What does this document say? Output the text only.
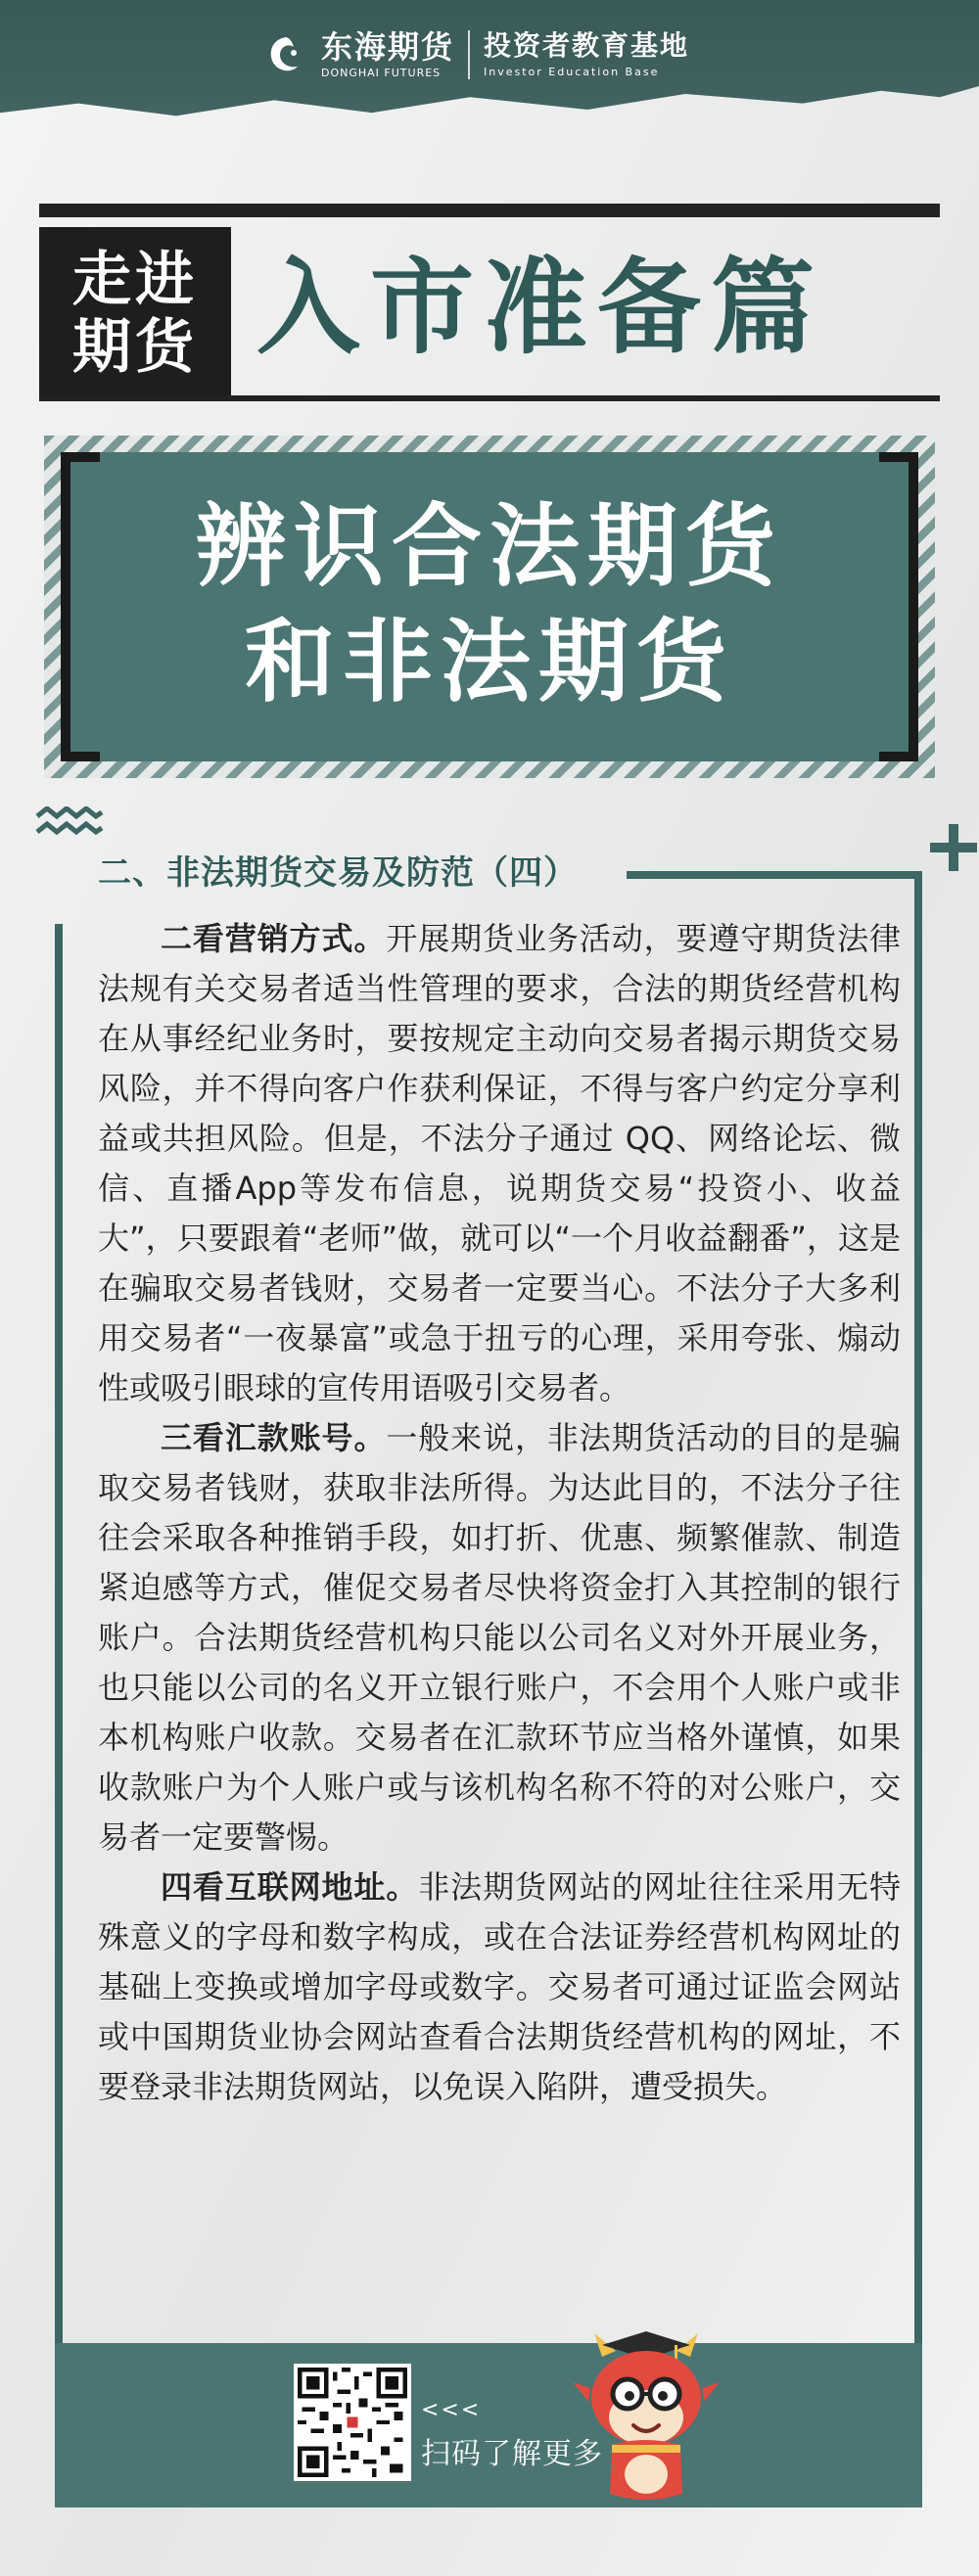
东海期货
DONGHAI FUTURES
投资者教育基地
Investor Education Base
走进
期货 入市准备篇
辨识合法期货
和非法期货
二、非法期货交易及防范（四）

二看营销方式。开展期货业务活动，要遵守期货法律法规有关交易者适当性管理的要求，合法的期货经营机构在从事经纪业务时，要按规定主动向交易者揭示期货交易风险，并不得向客户作获利保证，不得与客户约定分享利益或共担风险。但是，不法分子通过 QQ、网络论坛、微信、直播App等发布信息，说期货交易“投资小、收益大”，只要跟着“老师”做，就可以“一个月收益翻番”，这是在骗取交易者钱财，交易者一定要当心。不法分子大多利用交易者“一夜暴富”或急于扭亏的心理，采用夸张、煽动性或吸引眼球的宣传用语吸引交易者。

三看汇款账号。一般来说，非法期货活动的目的是骗取交易者钱财，获取非法所得。为达此目的，不法分子往往会采取各种推销手段，如打折、优惠、频繁催款、制造紧迫感等方式，催促交易者尽快将资金打入其控制的银行账户。合法期货经营机构只能以公司名义对外开展业务，也只能以公司的名义开立银行账户，不会用个人账户或非本机构账户收款。交易者在汇款环节应当格外谨慎，如果收款账户为个人账户或与该机构名称不符的对公账户，交易者一定要警惕。

四看互联网地址。非法期货网站的网址往往采用无特殊意义的字母和数字构成，或在合法证券经营机构网址的基础上变换或增加字母或数字。交易者可通过证监会网站或中国期货业协会网站查看合法期货经营机构的网址，不要登录非法期货网站，以免误入陷阱，遭受损失。

<<<
扫码了解更多
